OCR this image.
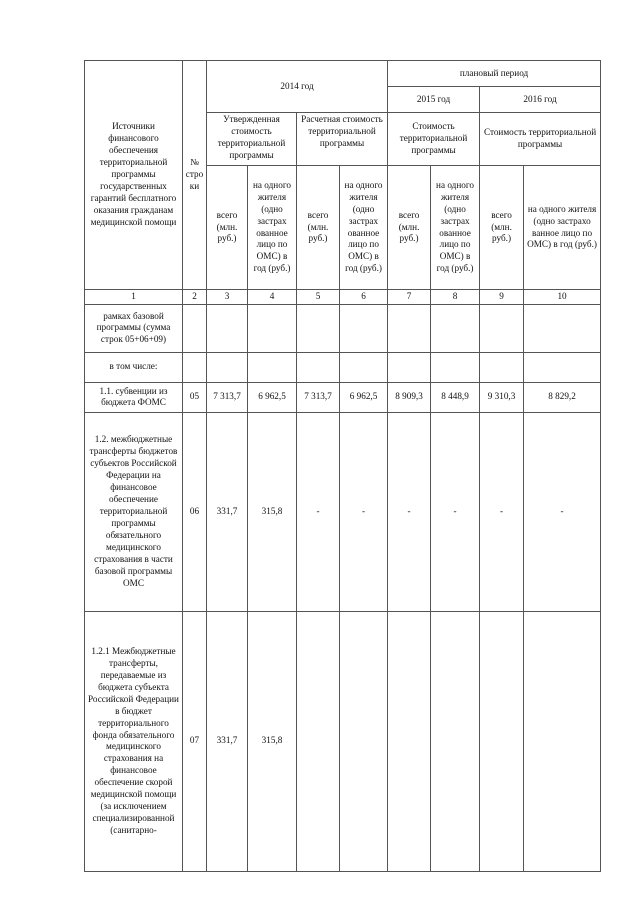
Источники финансового обеспечения территориальной программы государственных гарантий бесплатного оказания гражданам медицинской помощи	№ стро ки	2014 год				плановый период			
						2015 год		2016 год	
		Утвержденная стоимость территориальной программы		Расчетная стоимость территориальной программы		Стоимость территориальной программы		Стоимость территориальной программы	
		всего (млн. руб.)	на одного жителя (одно застрах ованное лицо по ОМС) в год (руб.)	всего (млн. руб.)	на одного жителя (одно застрах ованное лицо по ОМС) в год (руб.)	всего (млн. руб.)	на одного жителя (одно застрах ованное лицо по ОМС) в год (руб.)	всего (млн. руб.)	на одного жителя (одно застрахо ванное лицо по ОМС) в год (руб.)
1	2	3	4	5	6	7	8	9	10
рамках базовой программы (сумма строк 05+06+09)									
в том числе:									
1.1. субвенции из бюджета ФОМС	05	7 313,7	6 962,5	7 313,7	6 962,5	8 909,3	8 448,9	9 310,3	8 829,2
1.2. межбюджетные трансферты бюджетов субъектов Российской Федерации на финансовое обеспечение территориальной программы обязательного медицинского страхования в части базовой программы ОМС	06	331,7	315,8	-	-	-	-	-	-
1.2.1 Межбюджетные трансферты, передаваемые из бюджета субъекта Российской Федерации в бюджет территориального фонда обязательного медицинского страхования на финансовое обеспечение скорой медицинской помощи (за исключением специализированной (санитарно-	07	331,7	315,8						
